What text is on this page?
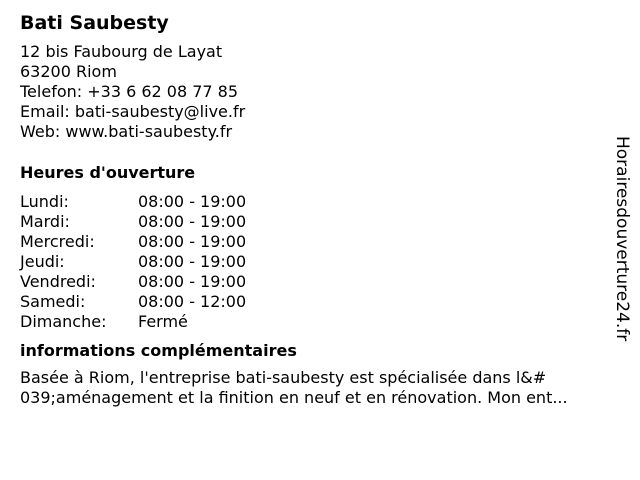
Bati Saubesty
12 bis Faubourg de Layat
63200 Riom
Telefon: +33 6 62 08 77 85
Email: bati-saubesty@live.fr
Web: www.bati-saubesty.fr
Heures d'ouverture
Lundi:	08:00 - 19:00
Mardi:	08:00 - 19:00
Mercredi:	08:00 - 19:00
Jeudi:	08:00 - 19:00
Vendredi:	08:00 - 19:00
Samedi:	08:00 - 12:00
Dimanche:	Fermé
informations complémentaires
Basée à Riom, l'entreprise bati-saubesty est spécialisée dans l&#
039;aménagement et la finition en neuf et en rénovation. Mon ent...
Horairesdouverture24.fr
